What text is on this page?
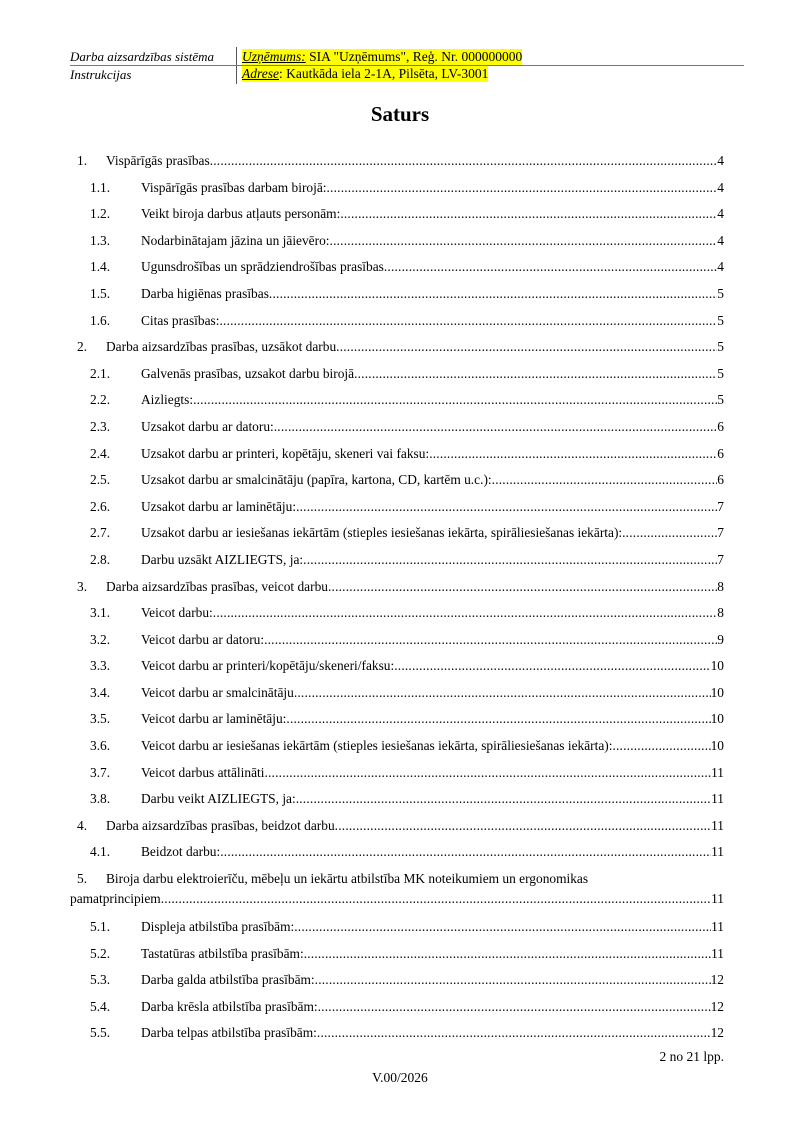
Darba aizsardzības sistēma	Uzņēmums: SIA "Uzņēmums", Reģ. Nr. 000000000
Instrukcijas	Adrese: Kautkāda iela 2-1A, Pilsēta, LV-3001
Saturs
1.	Vispārīgās prasības .....	4
1.1.	Vispārīgās prasības darbam birojā: .....	4
1.2.	Veikt biroja darbus atļauts personām: .....	4
1.3.	Nodarbinātajam jāzina un jāievēro: .....	4
1.4.	Ugunsdrošības un sprādziendrošības prasības .....	4
1.5.	Darba higiēnas prasības .....	5
1.6.	Citas prasības: .....	5
2.	Darba aizsardzības prasības, uzsākot darbu .....	5
2.1.	Galvenās prasības, uzsakot darbu birojā .....	5
2.2.	Aizliegts: .....	5
2.3.	Uzsakot darbu ar datoru: .....	6
2.4.	Uzsakot darbu ar printeri, kopētāju, skeneri vai faksu: .....	6
2.5.	Uzsakot darbu ar smalcinātāju (papīra, kartona, CD, kartēm u.c.): .....	6
2.6.	Uzsakot darbu ar laminētāju: .....	7
2.7.	Uzsakot darbu ar iesiešanas iekārtām (stieples iesiešanas iekārta, spirāliesiešanas iekārta): .....	7
2.8.	Darbu uzsākt AIZLIEGTS, ja: .....	7
3.	Darba aizsardzības prasības, veicot darbu .....	8
3.1.	Veicot darbu: .....	8
3.2.	Veicot darbu ar datoru: .....	9
3.3.	Veicot darbu ar printeri/kopētāju/skeneri/faksu: .....	10
3.4.	Veicot darbu ar smalcinātāju .....	10
3.5.	Veicot darbu ar laminētāju: .....	10
3.6.	Veicot darbu ar iesiešanas iekārtām (stieples iesiešanas iekārta, spirāliesiešanas iekārta): .....	10
3.7.	Veicot darbus attālināti .....	11
3.8.	Darbu veikt AIZLIEGTS, ja: .....	11
4.	Darba aizsardzības prasības, beidzot darbu .....	11
4.1.	Beidzot darbu: .....	11
5.	Biroja darbu elektroierīču, mēbeļu un iekārtu atbilstība MK noteikumiem un ergonomikas
pamatprincipiem .....	11
5.1.	Displeja atbilstība prasībām: .....	11
5.2.	Tastatūras atbilstība prasībām: .....	11
5.3.	Darba galda atbilstība prasībām: .....	12
5.4.	Darba krēsla atbilstība prasībām: .....	12
5.5.	Darba telpas atbilstība prasībām: .....	12
2 no 21 lpp.
V.00/2026
